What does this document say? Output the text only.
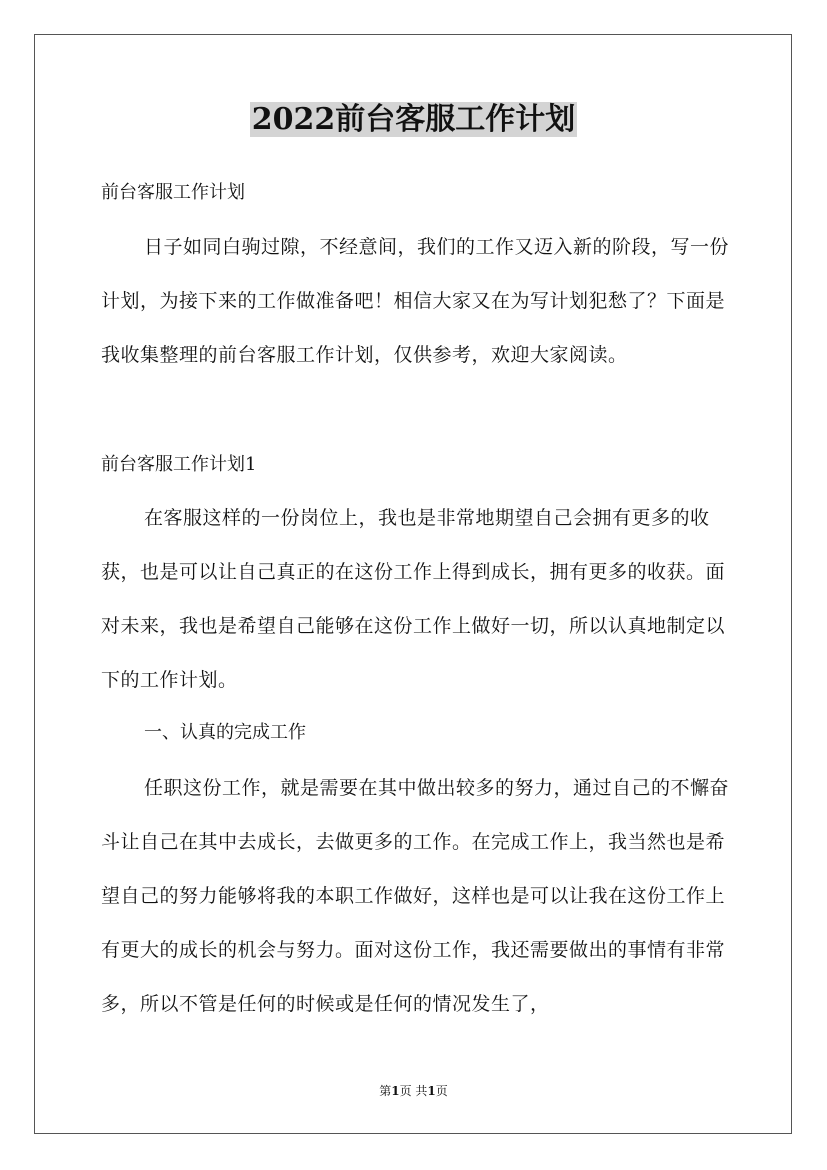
2022前台客服工作计划
前台客服工作计划
日子如同白驹过隙，不经意间，我们的工作又迈入新的阶段，写一份计划，为接下来的工作做准备吧！相信大家又在为写计划犯愁了？下面是我收集整理的前台客服工作计划，仅供参考，欢迎大家阅读。
前台客服工作计划1
在客服这样的一份岗位上，我也是非常地期望自己会拥有更多的收获，也是可以让自己真正的在这份工作上得到成长，拥有更多的收获。面对未来，我也是希望自己能够在这份工作上做好一切，所以认真地制定以下的工作计划。
一、认真的完成工作
任职这份工作，就是需要在其中做出较多的努力，通过自己的不懈奋斗让自己在其中去成长，去做更多的工作。在完成工作上，我当然也是希望自己的努力能够将我的本职工作做好，这样也是可以让我在这份工作上有更大的成长的机会与努力。面对这份工作，我还需要做出的事情有非常多，所以不管是任何的时候或是任何的情况发生了，
第1页 共1页
